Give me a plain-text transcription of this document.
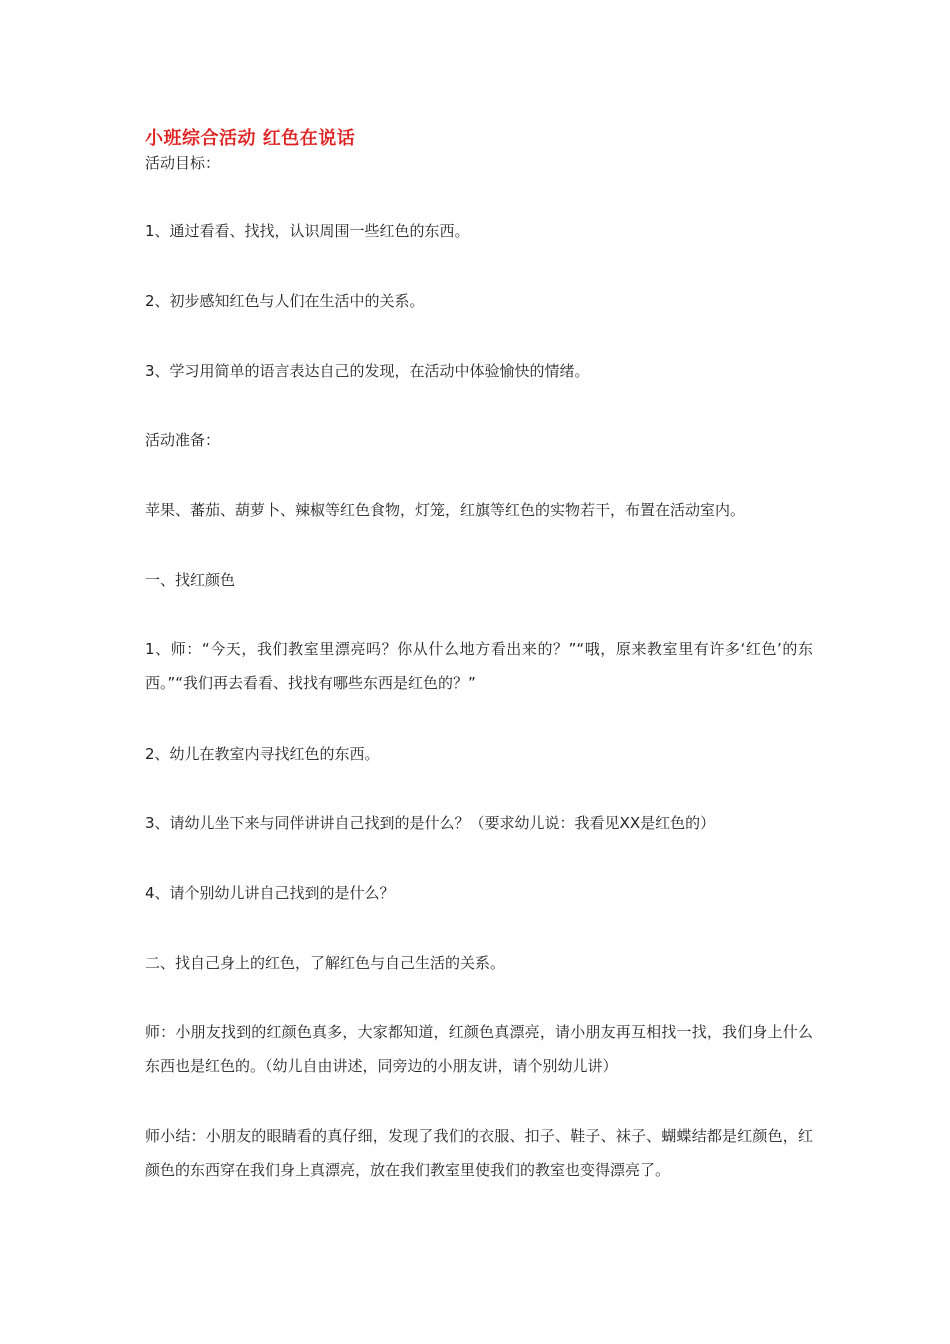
小班综合活动 红色在说话
活动目标：
1、通过看看、找找，认识周围一些红色的东西。
2、初步感知红色与人们在生活中的关系。
3、学习用简单的语言表达自己的发现，在活动中体验愉快的情绪。
活动准备：
苹果、蕃茄、葫萝卜、辣椒等红色食物，灯笼，红旗等红色的实物若干，布置在活动室内。
一、找红颜色
1、师：“今天，我们教室里漂亮吗？你从什么地方看出来的？”“哦，原来教室里有许多‘红色’的东西。”“我们再去看看、找找有哪些东西是红色的？”
2、幼儿在教室内寻找红色的东西。
3、请幼儿坐下来与同伴讲讲自己找到的是什么？（要求幼儿说：我看见XX是红色的）
4、请个别幼儿讲自己找到的是什么？
二、找自己身上的红色，了解红色与自己生活的关系。
师：小朋友找到的红颜色真多，大家都知道，红颜色真漂亮，请小朋友再互相找一找，我们身上什么东西也是红色的。（幼儿自由讲述，同旁边的小朋友讲，请个别幼儿讲）
师小结：小朋友的眼睛看的真仔细，发现了我们的衣服、扣子、鞋子、袜子、蝴蝶结都是红颜色，红颜色的东西穿在我们身上真漂亮，放在我们教室里使我们的教室也变得漂亮了。
